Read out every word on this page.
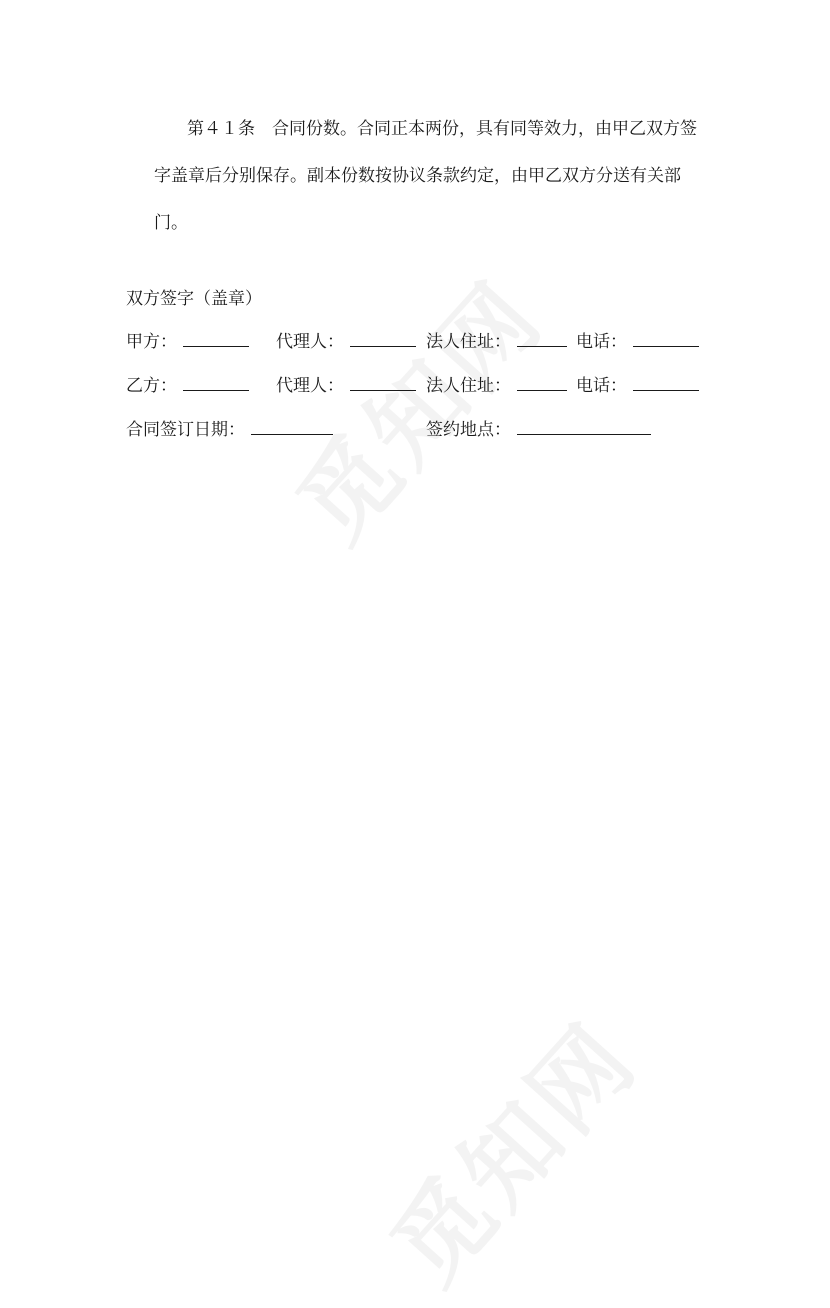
第４１条　合同份数。合同正本两份，具有同等效力，由甲乙双方签字盖章后分别保存。副本份数按协议条款约定，由甲乙双方分送有关部门。

双方签字（盖章）

甲方：	代理人：	法人住址：	电话：
乙方：	代理人：	法人住址：	电话：
合同签订日期：	签约地点：
